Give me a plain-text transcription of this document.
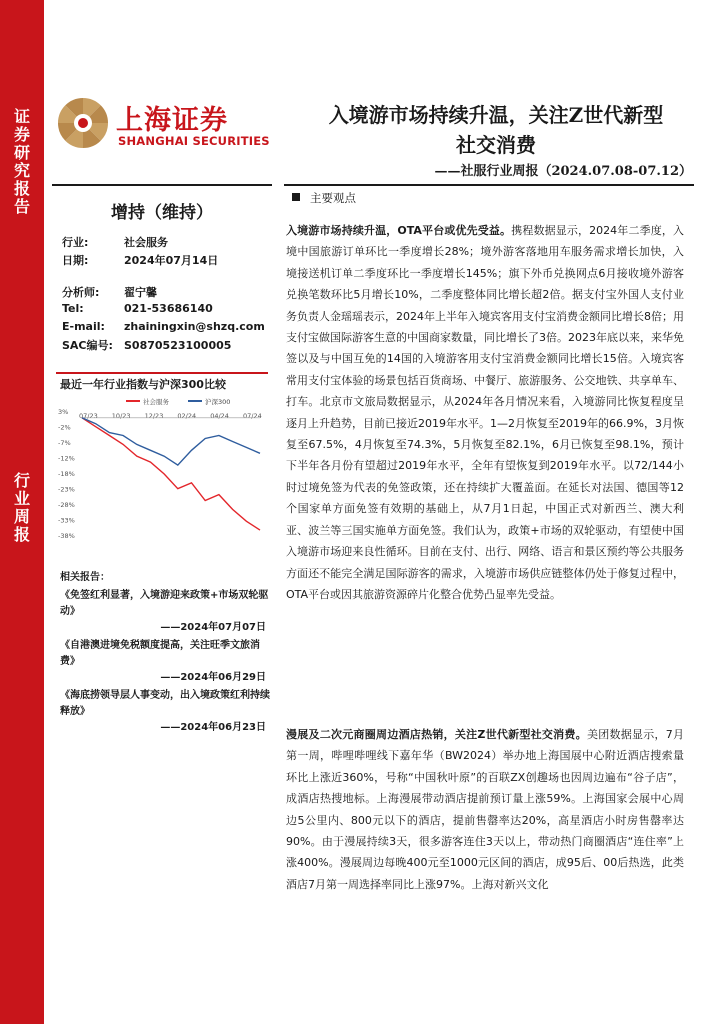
证券研究报告
行业周报
上海证券
SHANGHAI SECURITIES
入境游市场持续升温，关注Z世代新型
社交消费
——社服行业周报（2024.07.08-07.12）
增持（维持）
行业:	社会服务
日期:	2024年07月14日
分析师: 翟宁馨
Tel:	021-53686140
E-mail: zhainingxin@shzq.com
SAC编号: S0870523100005
最近一年行业指数与沪深300比较
社会服务	沪深300
3%
-2%
-7%
-12%
-18%
-23%
-28%
-33%
-38%
07/23 10/23 12/23 02/24 04/24 07/24
相关报告：
《免签红利显著，入境游迎来政策+市场双轮驱动》
——2024年07月07日
《自港澳进境免税额度提高，关注旺季文旅消费》
——2024年06月29日
《海底捞领导层人事变动，出入境政策红利持续释放》
——2024年06月23日
主要观点
入境游市场持续升温，OTA平台或优先受益。携程数据显示，2024年二季度，入境中国旅游订单环比一季度增长28%；境外游客落地用车服务需求增长加快，入境接送机订单二季度环比一季度增长145%；旗下外币兑换网点6月接收境外游客兑换笔数环比5月增长10%，二季度整体同比增长超2倍。据支付宝外国人支付业务负责人金瑶瑶表示，2024年上半年入境宾客用支付宝消费金额同比增长8倍；用支付宝做国际游客生意的中国商家数量，同比增长了3倍。2023年底以来，来华免签以及与中国互免的14国的入境游客用支付宝消费金额同比增长15倍。入境宾客常用支付宝体验的场景包括百货商场、中餐厅、旅游服务、公交地铁、共享单车、打车。北京市文旅局数据显示，从2024年各月情况来看，入境游同比恢复程度呈逐月上升趋势，目前已接近2019年水平。1—2月恢复至2019年的66.9%，3月恢复至67.5%，4月恢复至74.3%，5月恢复至82.1%，6月已恢复至98.1%，预计下半年各月份有望超过2019年水平，全年有望恢复到2019年水平。以72/144小时过境免签为代表的免签政策，还在持续扩大覆盖面。在延长对法国、德国等12个国家单方面免签有效期的基础上，从7月1日起，中国正式对新西兰、澳大利亚、波兰等三国实施单方面免签。我们认为，政策+市场的双轮驱动，有望使中国入境游市场迎来良性循环。目前在支付、出行、网络、语言和景区预约等公共服务方面还不能完全满足国际游客的需求，入境游市场供应链整体仍处于修复过程中，OTA平台或因其旅游资源碎片化整合优势凸显率先受益。
漫展及二次元商圈周边酒店热销，关注Z世代新型社交消费。美团数据显示，7月第一周，哔哩哔哩线下嘉年华（BW2024）举办地上海国展中心附近酒店搜索量环比上涨近360%，号称“中国秋叶原”的百联ZX创趣场也因周边遍布“谷子店”，成酒店热搜地标。上海漫展带动酒店提前预订量上涨59%。上海国家会展中心周边5公里内、800元以下的酒店，提前售罄率达20%，高星酒店小时房售罄率达90%。由于漫展持续3天，很多游客连住3天以上，带动热门商圈酒店“连住率”上涨400%。漫展周边每晚400元至1000元区间的酒店，成95后、00后热选，此类酒店7月第一周选择率同比上涨97%。上海对新兴文化
